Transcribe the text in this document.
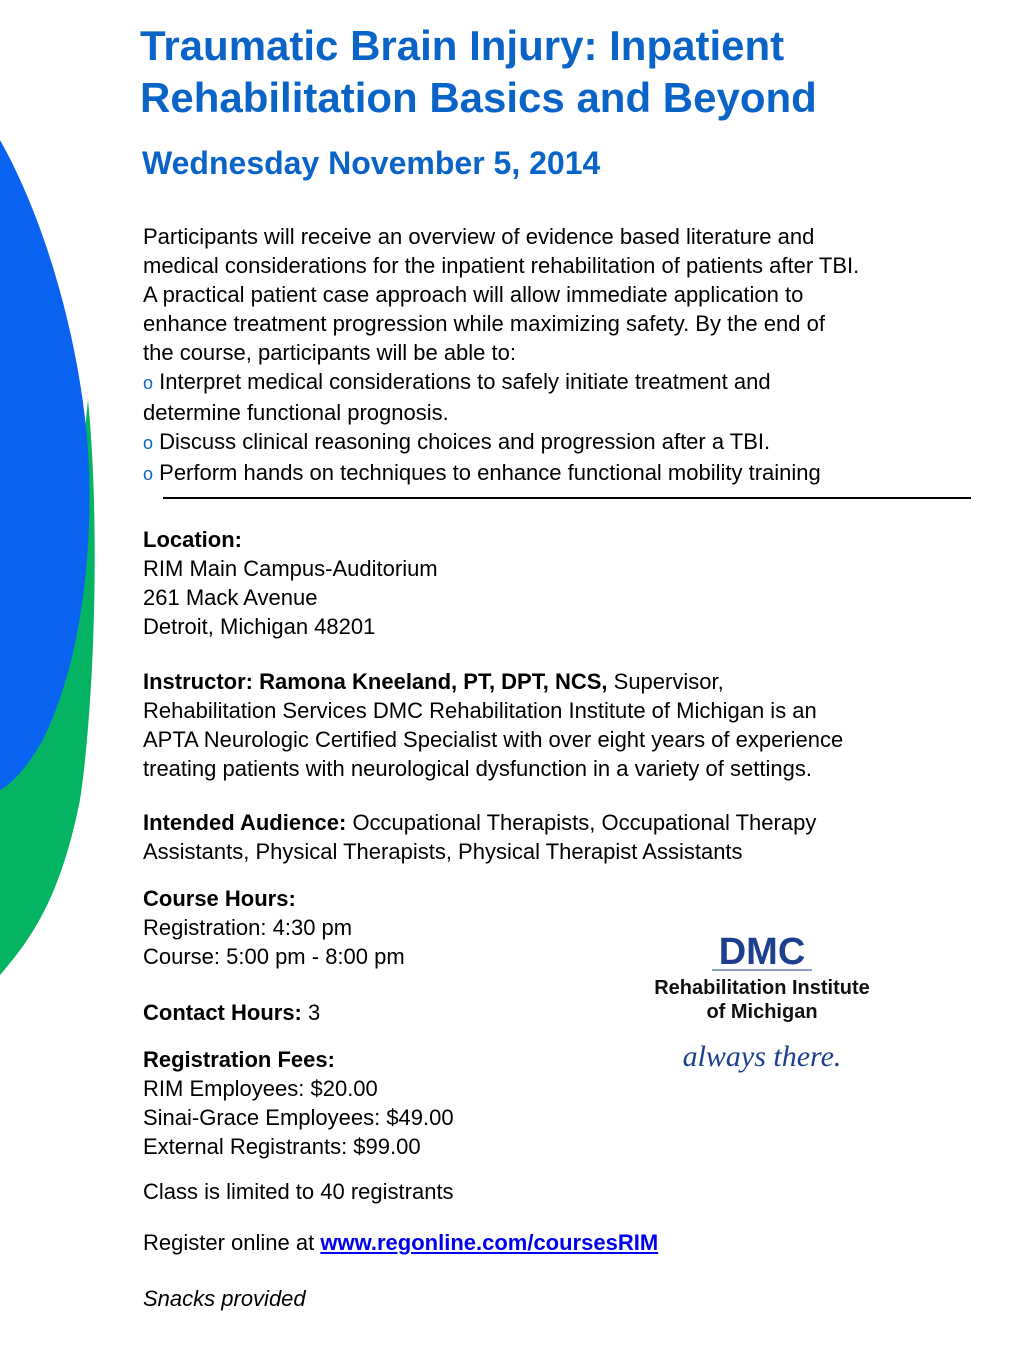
Traumatic Brain Injury: Inpatient
Rehabilitation Basics and Beyond
Wednesday November 5, 2014
Participants will receive an overview of evidence based literature and
medical considerations for the inpatient rehabilitation of patients after TBI.
A practical patient case approach will allow immediate application to
enhance treatment progression while maximizing safety. By the end of
the course, participants will be able to:
o Interpret medical considerations to safely initiate treatment and
determine functional prognosis.
o Discuss clinical reasoning choices and progression after a TBI.
o Perform hands on techniques to enhance functional mobility training
Location:
RIM Main Campus-Auditorium
261 Mack Avenue
Detroit, Michigan 48201
Instructor: Ramona Kneeland, PT, DPT, NCS, Supervisor,
Rehabilitation Services DMC Rehabilitation Institute of Michigan is an
APTA Neurologic Certified Specialist with over eight years of experience
treating patients with neurological dysfunction in a variety of settings.
Intended Audience: Occupational Therapists, Occupational Therapy
Assistants, Physical Therapists, Physical Therapist Assistants
Course Hours:
Registration: 4:30 pm
Course: 5:00 pm - 8:00 pm
Contact Hours: 3
Registration Fees:
RIM Employees: $20.00
Sinai-Grace Employees: $49.00
External Registrants: $99.00
Class is limited to 40 registrants
Register online at www.regonline.com/coursesRIM
Snacks provided
DMC
Rehabilitation Institute
of Michigan
always there.
